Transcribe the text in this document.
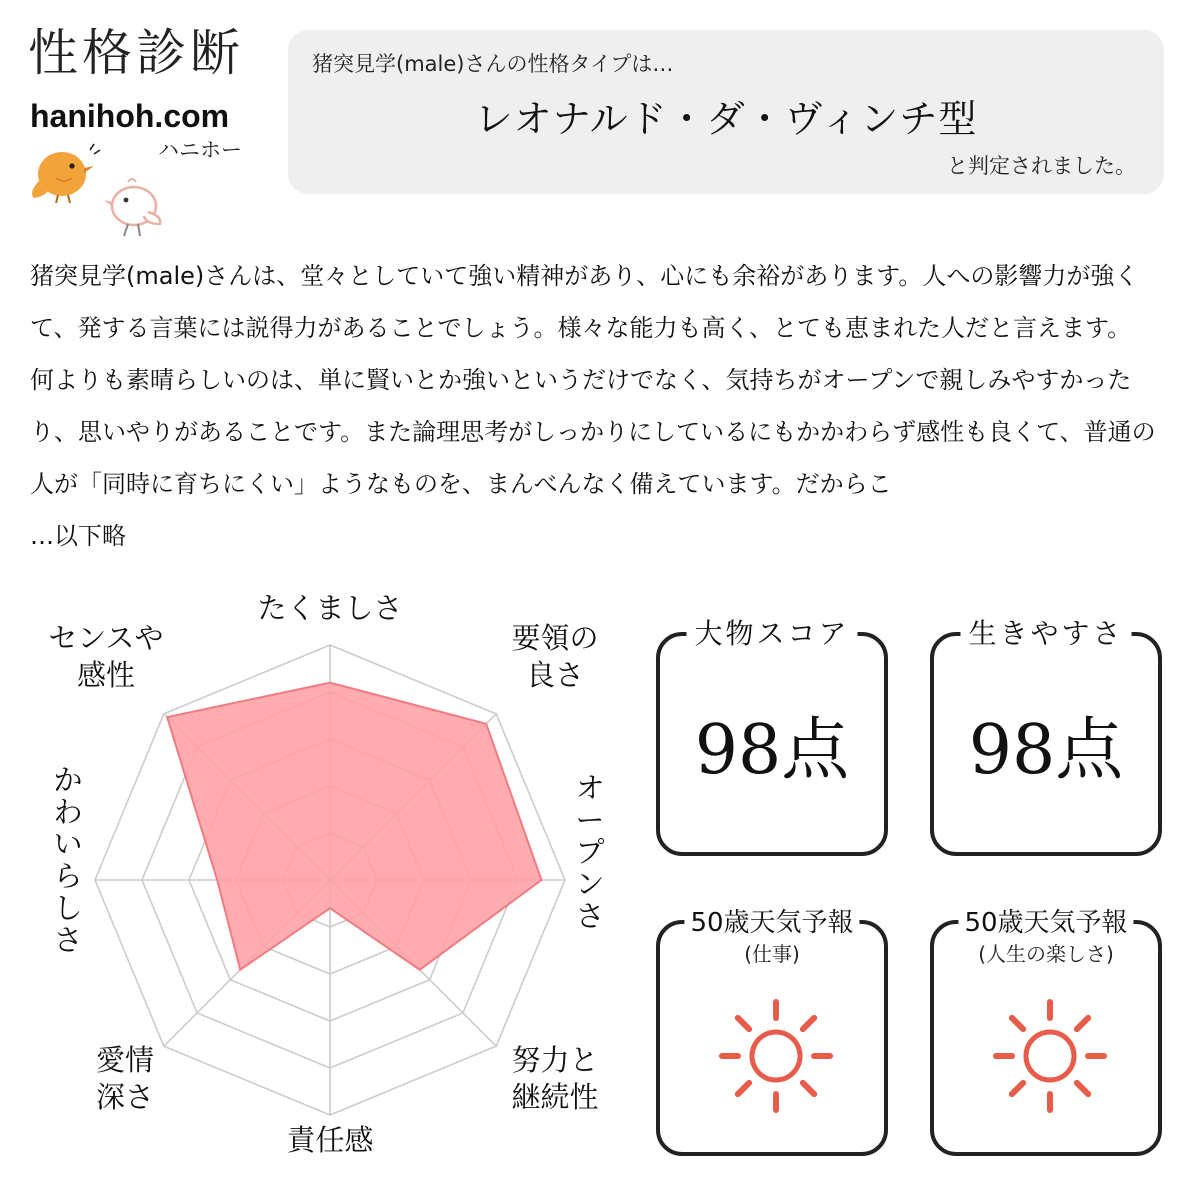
性格診断
hanihoh.com
ハニホー
猪突見学(male)さんの性格タイプは…
レオナルド・ダ・ヴィンチ型
と判定されました。

猪突見学(male)さんは、堂々としていて強い精神があり、心にも余裕があります。人への影響力が強くて、発する言葉には説得力があることでしょう。様々な能力も高く、とても恵まれた人だと言えます。

何よりも素晴らしいのは、単に賢いとか強いというだけでなく、気持ちがオープンで親しみやすかったり、思いやりがあることです。また論理思考がしっかりにしているにもかかわらず感性も良くて、普通の人が「同時に育ちにくい」ようなものを、まんべんなく備えています。だからこ

…以下略

たくましさ
要領の良さ
オープンさ
努力と継続性
責任感
愛情深さ
かわいらしさ
センスや感性
大物スコア
98点
生きやすさ
98点
50歳天気予報
(仕事)
50歳天気予報
(人生の楽しさ)
